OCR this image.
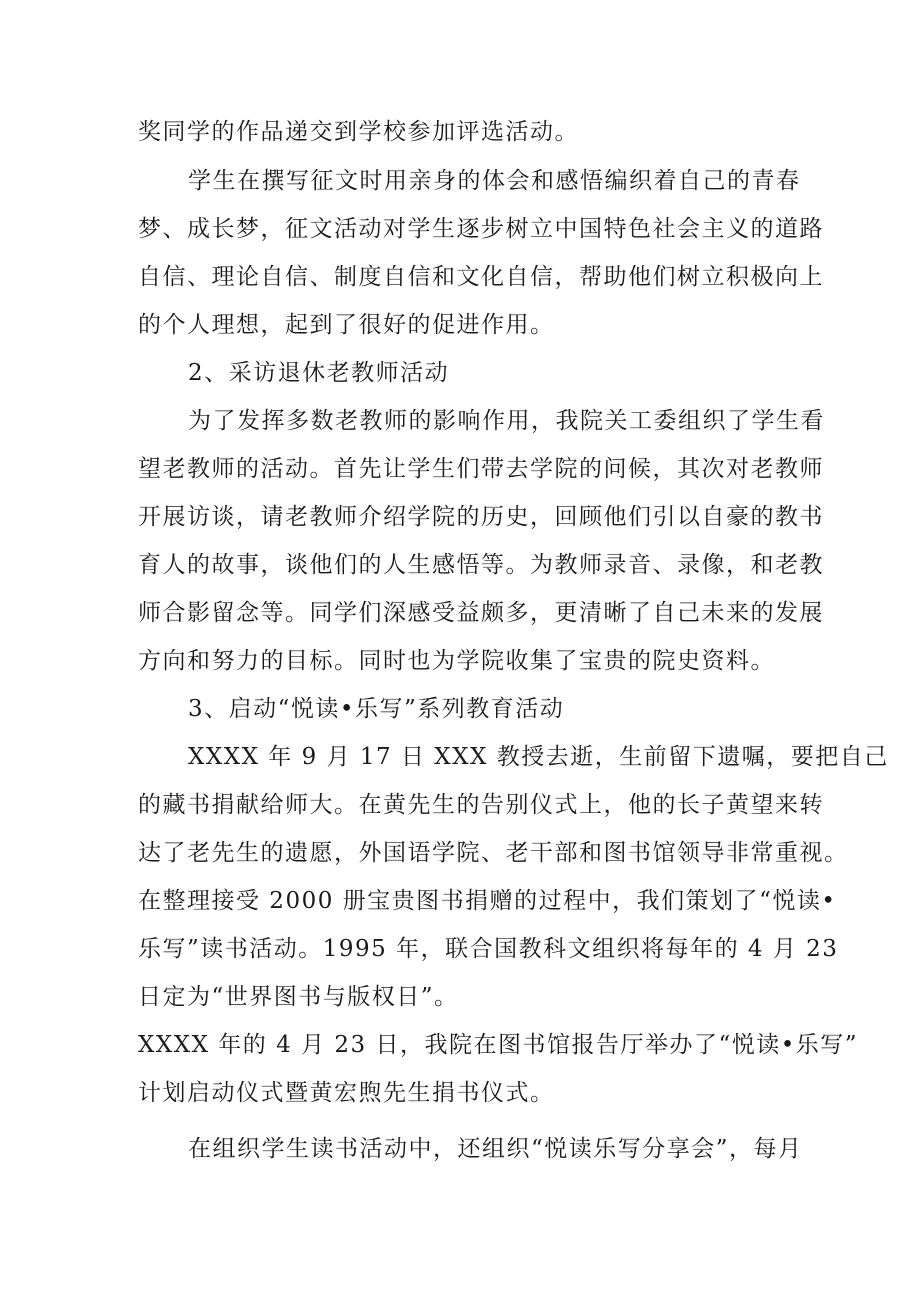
奖同学的作品递交到学校参加评选活动。
学生在撰写征文时用亲身的体会和感悟编织着自己的青春
梦、成长梦，征文活动对学生逐步树立中国特色社会主义的道路
自信、理论自信、制度自信和文化自信，帮助他们树立积极向上
的个人理想，起到了很好的促进作用。
2、采访退休老教师活动
为了发挥多数老教师的影响作用，我院关工委组织了学生看
望老教师的活动。首先让学生们带去学院的问候，其次对老教师
开展访谈，请老教师介绍学院的历史，回顾他们引以自豪的教书
育人的故事，谈他们的人生感悟等。为教师录音、录像，和老教
师合影留念等。同学们深感受益颇多，更清晰了自己未来的发展
方向和努力的目标。同时也为学院收集了宝贵的院史资料。
3、启动“悦读•乐写”系列教育活动
XXXX 年 9 月 17 日 XXX 教授去逝，生前留下遗嘱，要把自己
的藏书捐献给师大。在黄先生的告别仪式上，他的长子黄望来转
达了老先生的遗愿，外国语学院、老干部和图书馆领导非常重视。
在整理接受 2000 册宝贵图书捐赠的过程中，我们策划了“悦读•
乐写”读书活动。1995 年，联合国教科文组织将每年的 4 月 23
日定为“世界图书与版权日”。
XXXX 年的 4 月 23 日，我院在图书馆报告厅举办了“悦读•乐写”
计划启动仪式暨黄宏煦先生捐书仪式。
在组织学生读书活动中，还组织“悦读乐写分享会”，每月
